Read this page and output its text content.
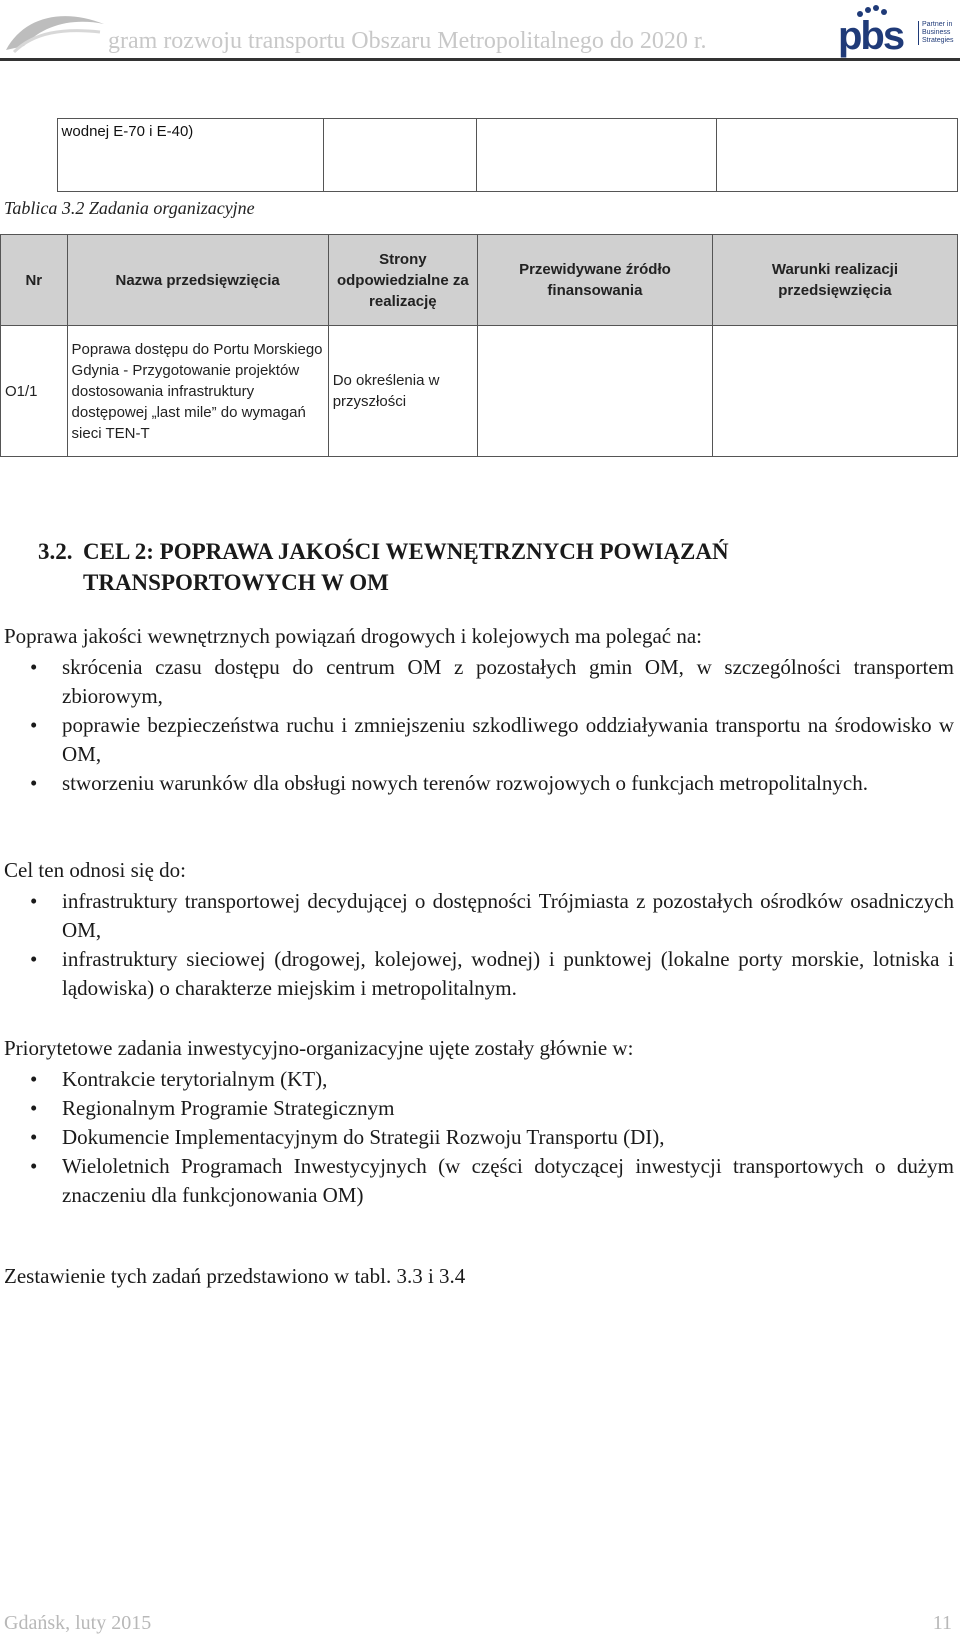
gram rozwoju transportu Obszaru Metropolitalnego do 2020 r.	pbs	Partner in
Business
Strategies
	wodnej E-70 i E-40)			
Tablica 3.2 Zadania organizacyjne
Nr	Nazwa przedsięwzięcia	Strony odpowiedzialne za realizację	Przewidywane źródło finansowania	Warunki realizacji przedsięwzięcia
O1/1	Poprawa dostępu do Portu Morskiego Gdynia - Przygotowanie projektów dostosowania infrastruktury dostępowej „last mile” do wymagań sieci TEN-T	Do określenia w przyszłości		
3.2. CEL 2: POPRAWA JAKOŚCI WEWNĘTRZNYCH POWIĄZAŃ
TRANSPORTOWYCH W OM
Poprawa jakości wewnętrznych powiązań drogowych i kolejowych ma polegać na:
• skrócenia czasu dostępu do centrum OM z pozostałych gmin OM, w szczególności transportem zbiorowym,
• poprawie bezpieczeństwa ruchu i zmniejszeniu szkodliwego oddziaływania transportu na środowisko w OM,
• stworzeniu warunków dla obsługi nowych terenów rozwojowych o funkcjach metropolitalnych.
Cel ten odnosi się do:
• infrastruktury transportowej decydującej o dostępności Trójmiasta z pozostałych ośrodków osadniczych OM,
• infrastruktury sieciowej (drogowej, kolejowej, wodnej) i punktowej (lokalne porty morskie, lotniska i lądowiska) o charakterze miejskim i metropolitalnym.
Priorytetowe zadania inwestycyjno-organizacyjne ujęte zostały głównie w:
• Kontrakcie terytorialnym (KT),
• Regionalnym Programie Strategicznym
• Dokumencie Implementacyjnym do Strategii Rozwoju Transportu (DI),
• Wieloletnich Programach Inwestycyjnych (w części dotyczącej inwestycji transportowych o dużym znaczeniu dla funkcjonowania OM)
Zestawienie tych zadań przedstawiono w tabl. 3.3 i 3.4
Gdańsk, luty 2015	11
